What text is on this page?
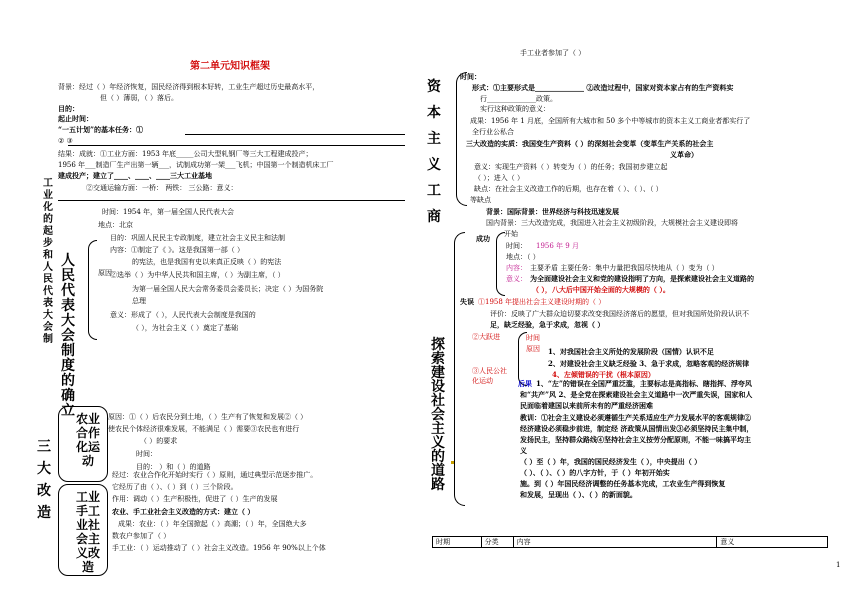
第二单元知识框架
手工业者参加了（ ）
1
背景：经过（ ）年经济恢复，国民经济得到根本好转，工业生产超过历史最高水平，
但（ ）薄弱，（ ）落后。
目的：
起止时间：
“一五计划”的基本任务：①
② ③
结果：成就：①工业方面：1953 年底_____公司大型轧钢厂等三大工程建成投产；
1956 年___制造厂生产出第一辆___，试制成功第一架___飞机；中国第一个制造机床工厂
建成投产；建立了____、____、____三大工业基地
②交通运输方面：一桥： 两铁： 三公路：意义：
工业化的起步和人民代表大会制
时间：1954 年，第一届全国人民代表大会
地点：北京
目的：巩固人民民主专政制度，建立社会主义民主和法制
内容：①制定了《 》。这是我国第一部（ ）
的宪法，也是我国有史以来真正反映（ ）的宪法
原因
②选举（ ）为中华人民共和国主席，（ ）为副主席，（ ）
为第一届全国人民大会常务委员会委员长；决定（ ）为国务院
总理
意义：形成了（ ），人民代表大会制度是我国的
（ ），为社会主义（ ）奠定了基础
人民代表大会制度的确立
三大改造
农业合作化运动
原因：①（ ）后农民分到土地，（ ）生产有了恢复和发展②（ ）
使农民个体经济很难发展，不能满足（ ）需要③农民也有进行
（ ）的要求
时间：
目的： ）和（ ）的道路
经过：农业合作化开始时实行（ ）原则，通过典型示范逐步推广。
它经历了由（ ）、（ ）到（ ）三个阶段。
作用：调动（ ）生产积极性，促进了（ ）生产的发展
工业手工业社会主义改造
农业、手工业社会主义改造的方式：建立（ ）
成果：农业：（ ）年全国掀起（ ）高潮；（ ）年，全国绝大多
数农户参加了（ ）
手工业：（ ）运动推动了（ ）社会主义改造。1956 年 90%以上个体
资本主义工商
时间：
形式：①主要形式是______________ ②改造过程中，国家对资本家占有的生产资料实
行______________政策。
实行这种政策的意义：
成果：1956 年 1 月底，全国所有大城市和 50 多个中等城市的资本主义工商业者都实行了
全行业公私合
三大改造的实质：我国变生产资料（ ）的深刻社会变革（变革生产关系的社会主
义革命）
意义：实现生产资料（ ）转变为（ ）的任务；我国初步建立起
（ ）；进入（ ）
缺点：在社会主义改造工作的后期，也存在着（ ）、（ ）、（ ）
等缺点
探索建设社会主义的道路
背景：国际背景：世界经济与科技迅速发展
国内背景：三大改造完成，我国进入社会主义初级阶段，大规模社会主义建设即将
开始
成功
时间： 1956 年 9 月
地点：（ ）
内容： 主要矛盾 主要任务：集中力量把我国尽快地从（ ）变为（ ）
意义： 为全面建设社会主义和党的建设指明了方向，是探索建设社会主义道路的
（ ），八大后中国开始全面的大规模的（ ）。
失误 ①1958 年提出社会主义建设时期的（ ）
评价：反映了广大群众迫切要求改变我国经济落后的愿望，但对我国所处阶段认识不
足，缺乏经验，急于求成，忽视（ ）
②大跃进
③人民公社化运动
时间
原因 1、对我国社会主义所处的发展阶段（国情）认识不足
2、对建设社会主义缺乏经验 3、急于求成，忽略客观的经济规律
4、左倾错误的干扰（根本原因）
后果 1、“左”的错误在全国严重泛滥，主要标志是高指标、瞎指挥、浮夸风
和“共产”风 2、是全党在探索建设社会主义道路中一次严重失误，国家和人
民面临着建国以来前所未有的严重经济困难
教训：①社会主义建设必须遵循生产关系适应生产力发展水平的客观规律②
经济建设必须稳步前进，制定经 济政策从国情出发③必须坚持民主集中制，
发扬民主，坚持群众路线④坚持社会主义按劳分配原则，不能一味搞平均主
义
（ ）至（ ）年，我国的国民经济发生（ ），中央提出（ ）
（ ）、（ ）、（ ）的八字方针，于（ ）年初开始实
施。到（ ）年国民经济调整的任务基本完成，工农业生产得到恢复
和发展，呈现出（ ）、（ ）的新面貌。
时期	分类	内容	意义
